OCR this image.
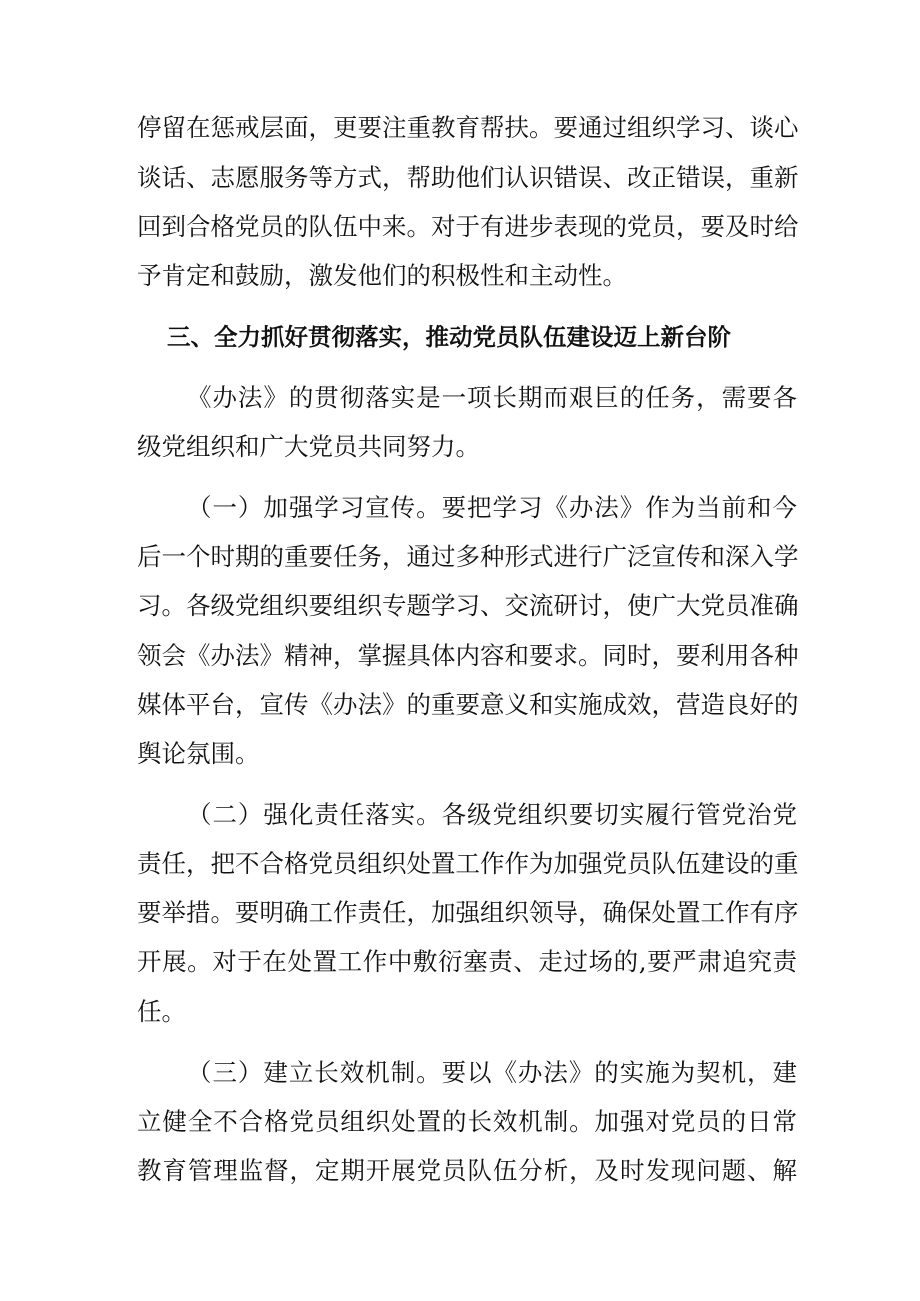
停留在惩戒层面，更要注重教育帮扶。要通过组织学习、谈心
谈话、志愿服务等方式，帮助他们认识错误、改正错误，重新
回到合格党员的队伍中来。对于有进步表现的党员，要及时给
予肯定和鼓励，激发他们的积极性和主动性。
三、全力抓好贯彻落实，推动党员队伍建设迈上新台阶
《办法》的贯彻落实是一项长期而艰巨的任务，需要各
级党组织和广大党员共同努力。
（一）加强学习宣传。要把学习《办法》作为当前和今
后一个时期的重要任务，通过多种形式进行广泛宣传和深入学
习。各级党组织要组织专题学习、交流研讨，使广大党员准确
领会《办法》精神，掌握具体内容和要求。同时，要利用各种
媒体平台，宣传《办法》的重要意义和实施成效，营造良好的
舆论氛围。
（二）强化责任落实。各级党组织要切实履行管党治党
责任，把不合格党员组织处置工作作为加强党员队伍建设的重
要举措。要明确工作责任，加强组织领导，确保处置工作有序
开展。对于在处置工作中敷衍塞责、走过场的,要严肃追究责
任。
（三）建立长效机制。要以《办法》的实施为契机，建
立健全不合格党员组织处置的长效机制。加强对党员的日常
教育管理监督，定期开展党员队伍分析，及时发现问题、解
